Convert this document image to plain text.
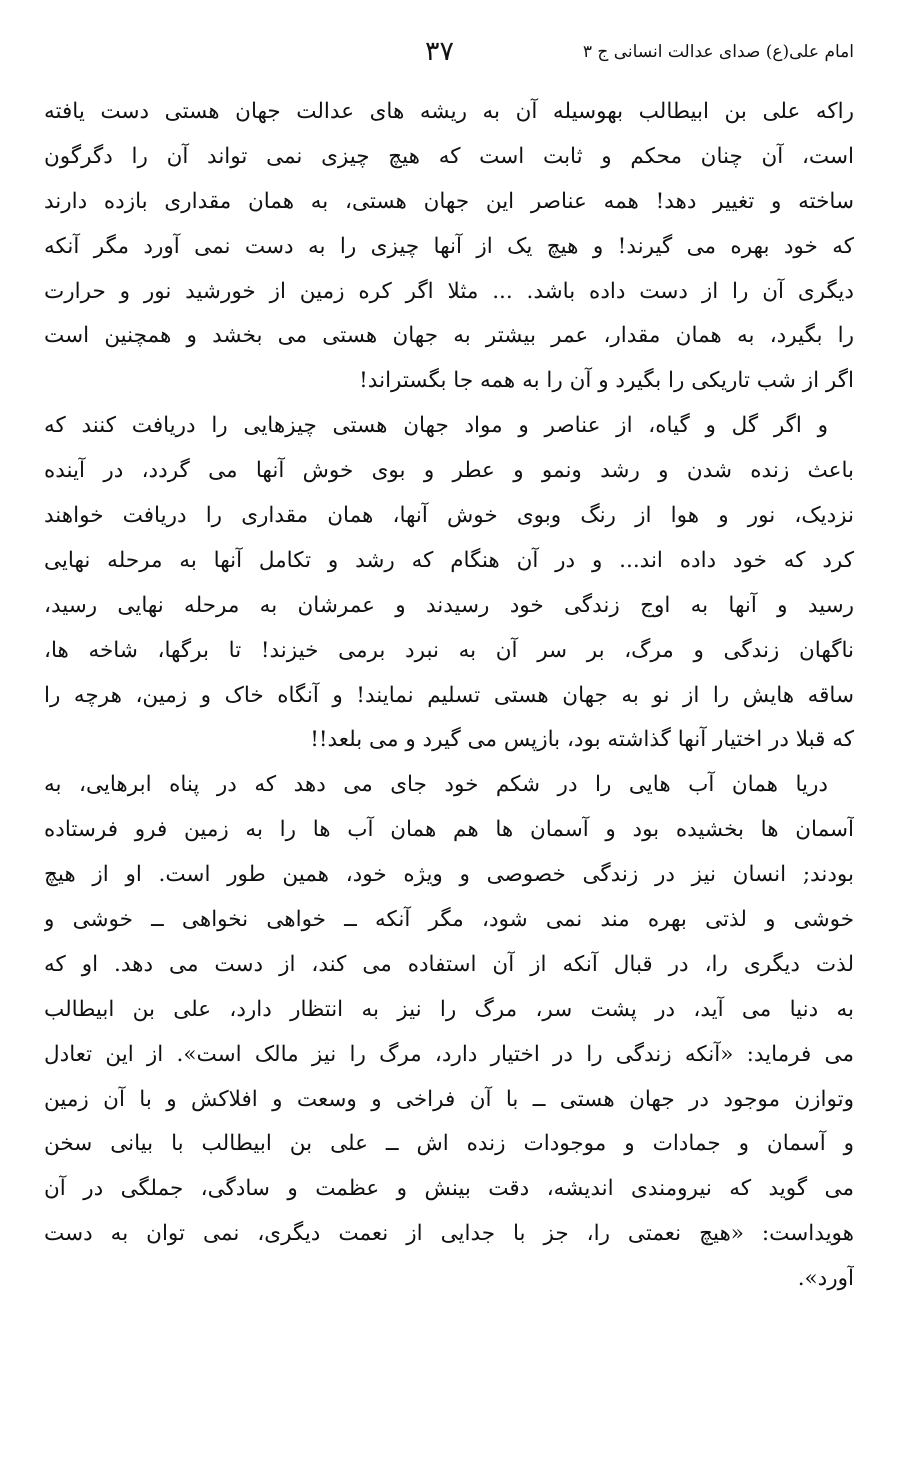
امام علی(ع) صدای عدالت انسانی ج ۳
۳۷
راکه علی بن ابیطالب بهوسیله آن به ریشه های عدالت جهان هستی دست یافته
است، آن چنان محکم و ثابت است که هیچ چیزی نمی تواند آن را دگرگون
ساخته و تغییر دهد! همه عناصر این جهان هستی، به همان مقداری بازده دارند
که خود بهره می گیرند! و هیچ یک از آنها چیزی را به دست نمی آورد مگر آنکه
دیگری آن را از دست داده باشد. ... مثلا اگر کره زمین از خورشید نور و حرارت
را بگیرد، به همان مقدار، عمر بیشتر به جهان هستی می بخشد و همچنین است
اگر از شب تاریکی را بگیرد و آن را به همه جا بگستراند!
و اگر گل و گیاه، از عناصر و مواد جهان هستی چیزهایی را دریافت کنند که
باعث زنده شدن و رشد ونمو و عطر و بوی خوش آنها می گردد، در آینده
نزدیک، نور و هوا از رنگ وبوی خوش آنها، همان مقداری را دریافت خواهند
کرد که خود داده اند... و در آن هنگام که رشد و تکامل آنها به مرحله نهایی
رسید و آنها به اوج زندگی خود رسیدند و عمرشان به مرحله نهایی رسید،
ناگهان زندگی و مرگ، بر سر آن به نبرد برمی خیزند! تا برگها، شاخه ها،
ساقه هایش را از نو به جهان هستی تسلیم نمایند! و آنگاه خاک و زمین، هرچه را
که قبلا در اختیار آنها گذاشته بود، بازپس می گیرد و می بلعد!!
دریا همان آب هایی را در شکم خود جای می دهد که در پناه ابرهایی، به
آسمان ها بخشیده بود و آسمان ها هم همان آب ها را به زمین فرو فرستاده
بودند; انسان نیز در زندگی خصوصی و ویژه خود، همین طور است. او از هیچ
خوشی و لذتی بهره مند نمی شود، مگر آنکه ــ خواهی نخواهی ــ خوشی و
لذت دیگری را، در قبال آنکه از آن استفاده می کند، از دست می دهد. او که
به دنیا می آید، در پشت سر، مرگ را نیز به انتظار دارد، علی بن ابیطالب
می فرماید: «آنکه زندگی را در اختیار دارد، مرگ را نیز مالک است». از این تعادل
وتوازن موجود در جهان هستی ــ با آن فراخی و وسعت و افلاکش و با آن زمین
و آسمان و جمادات و موجودات زنده اش ــ علی بن ابیطالب با بیانی سخن
می گوید که نیرومندی اندیشه، دقت بینش و عظمت و سادگی، جملگی در آن
هویداست: «هیچ نعمتی را، جز با جدایی از نعمت دیگری، نمی توان به دست
آورد».
